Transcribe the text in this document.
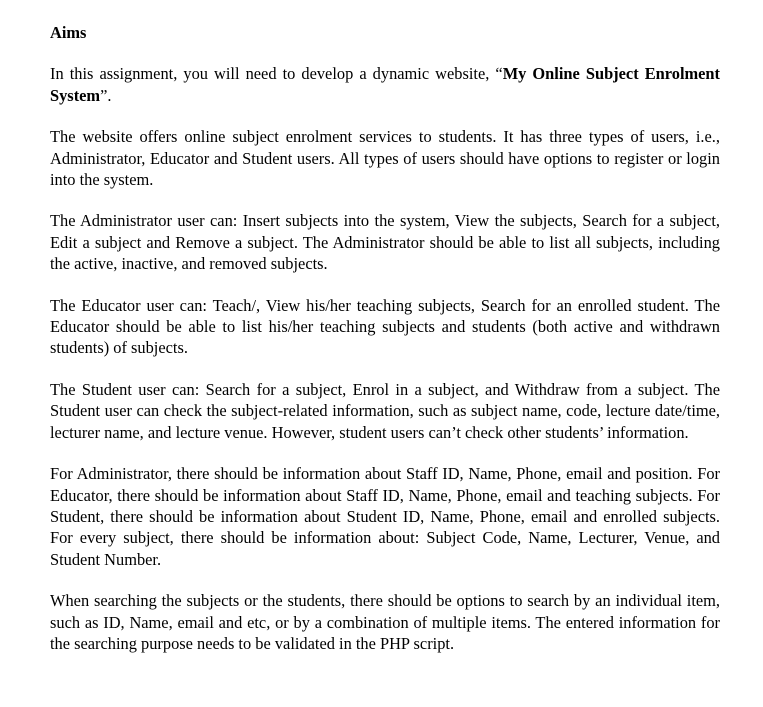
Aims

In this assignment, you will need to develop a dynamic website, “My Online Subject Enrolment System”.

The website offers online subject enrolment services to students. It has three types of users, i.e., Administrator, Educator and Student users. All types of users should have options to register or login into the system.

The Administrator user can: Insert subjects into the system, View the subjects, Search for a subject, Edit a subject and Remove a subject. The Administrator should be able to list all subjects, including the active, inactive, and removed subjects.

The Educator user can: Teach/, View his/her teaching subjects, Search for an enrolled student. The Educator should be able to list his/her teaching subjects and students (both active and withdrawn students) of subjects.

The Student user can: Search for a subject, Enrol in a subject, and Withdraw from a subject. The Student user can check the subject-related information, such as subject name, code, lecture date/time, lecturer name, and lecture venue. However, student users can’t check other students’ information.

For Administrator, there should be information about Staff ID, Name, Phone, email and position. For Educator, there should be information about Staff ID, Name, Phone, email and teaching subjects. For Student, there should be information about Student ID, Name, Phone, email and enrolled subjects. For every subject, there should be information about: Subject Code, Name, Lecturer, Venue, and Student Number.

When searching the subjects or the students, there should be options to search by an individual item, such as ID, Name, email and etc, or by a combination of multiple items. The entered information for the searching purpose needs to be validated in the PHP script.
